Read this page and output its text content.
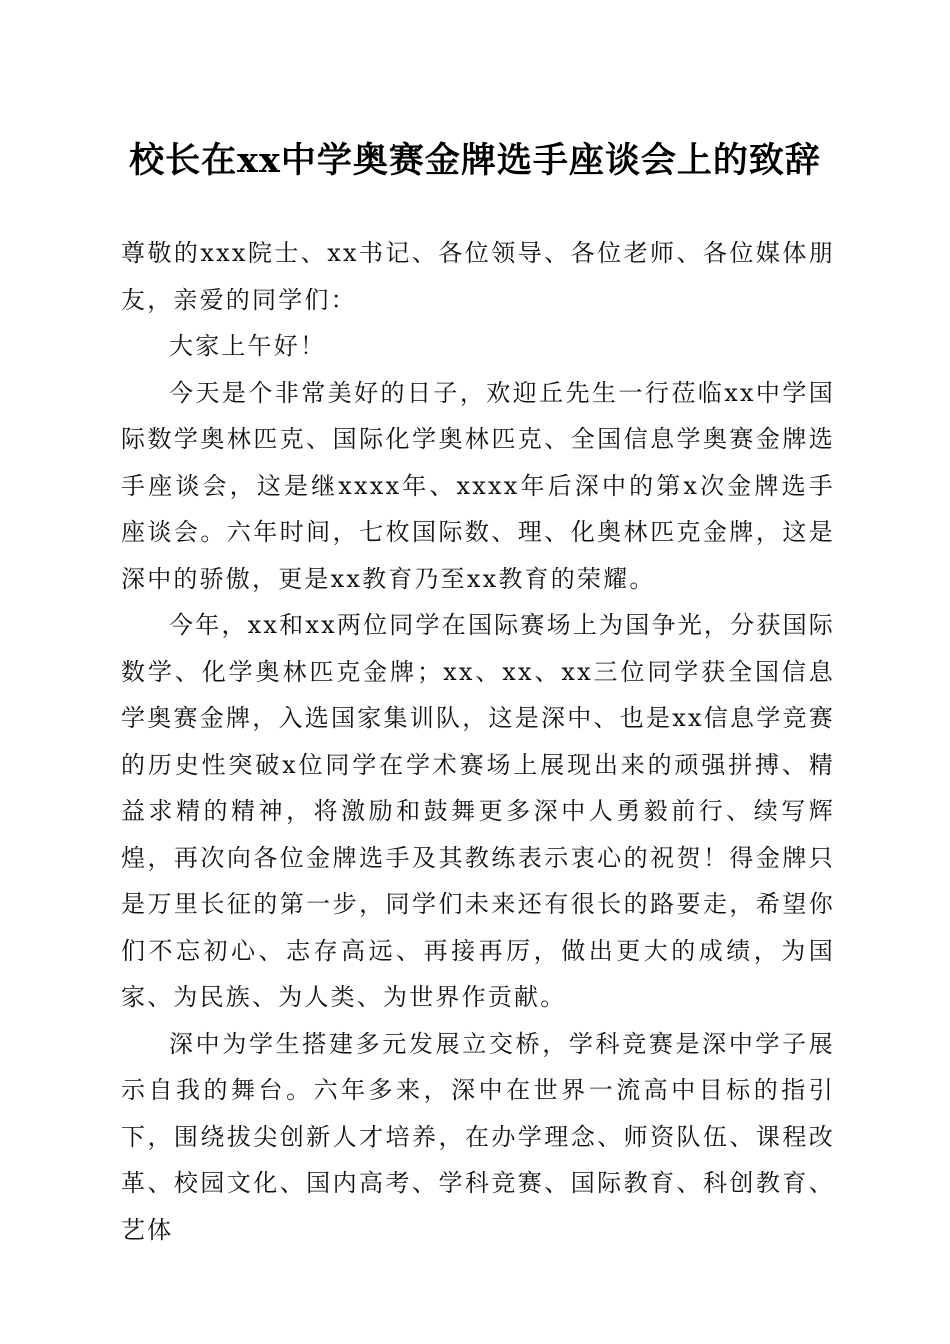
校长在xx中学奥赛金牌选手座谈会上的致辞

尊敬的xxx院士、xx书记、各位领导、各位老师、各位媒体朋友，亲爱的同学们：

大家上午好！

今天是个非常美好的日子，欢迎丘先生一行莅临xx中学国际数学奥林匹克、国际化学奥林匹克、全国信息学奥赛金牌选手座谈会，这是继xxxx年、xxxx年后深中的第x次金牌选手座谈会。六年时间，七枚国际数、理、化奥林匹克金牌，这是深中的骄傲，更是xx教育乃至xx教育的荣耀。

今年，xx和xx两位同学在国际赛场上为国争光，分获国际数学、化学奥林匹克金牌；xx、xx、xx三位同学获全国信息学奥赛金牌，入选国家集训队，这是深中、也是xx信息学竞赛的历史性突破x位同学在学术赛场上展现出来的顽强拼搏、精益求精的精神，将激励和鼓舞更多深中人勇毅前行、续写辉煌，再次向各位金牌选手及其教练表示衷心的祝贺！得金牌只是万里长征的第一步，同学们未来还有很长的路要走，希望你们不忘初心、志存高远、再接再厉，做出更大的成绩，为国家、为民族、为人类、为世界作贡献。

深中为学生搭建多元发展立交桥，学科竞赛是深中学子展示自我的舞台。六年多来，深中在世界一流高中目标的指引下，围绕拔尖创新人才培养，在办学理念、师资队伍、课程改革、校园文化、国内高考、学科竞赛、国际教育、科创教育、艺体
